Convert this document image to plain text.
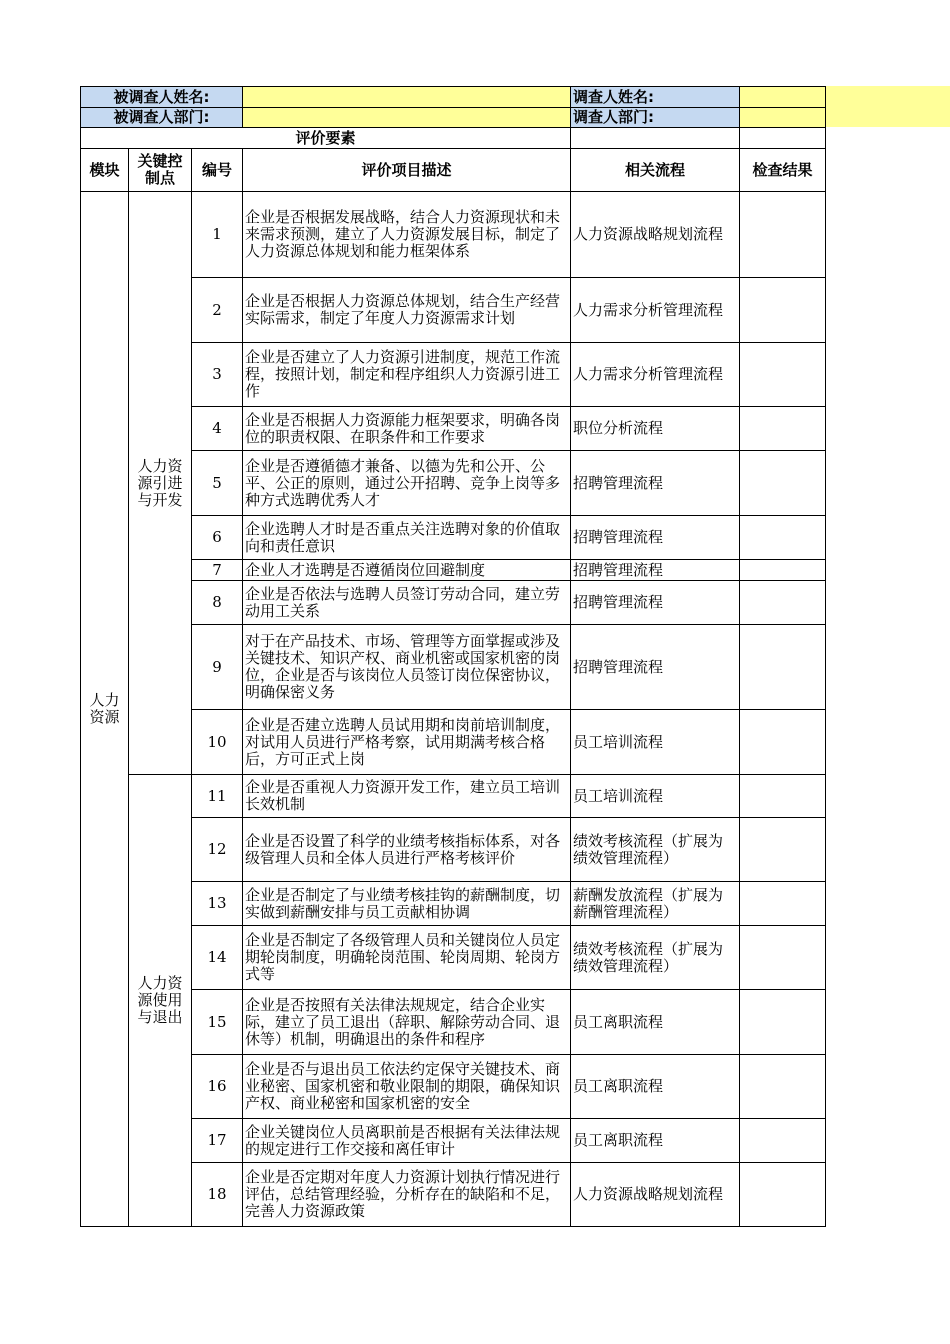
被调查人姓名:				调查人姓名:	
被调查人部门:				调查人部门:	
评价要素					
模块	关键控制点	编号	评价项目描述	相关流程	检查结果
人力资源	人力资源引进与开发	1	企业是否根据发展战略，结合人力资源现状和未来需求预测，建立了人力资源发展目标，制定了人力资源总体规划和能力框架体系	人力资源战略规划流程	
		2	企业是否根据人力资源总体规划，结合生产经营实际需求，制定了年度人力资源需求计划	人力需求分析管理流程	
		3	企业是否建立了人力资源引进制度，规范工作流程，按照计划，制定和程序组织人力资源引进工作	人力需求分析管理流程	
		4	企业是否根据人力资源能力框架要求，明确各岗位的职责权限、在职条件和工作要求	职位分析流程	
		5	企业是否遵循德才兼备、以德为先和公开、公平、公正的原则，通过公开招聘、竞争上岗等多种方式选聘优秀人才	招聘管理流程	
		6	企业选聘人才时是否重点关注选聘对象的价值取向和责任意识	招聘管理流程	
		7	企业人才选聘是否遵循岗位回避制度	招聘管理流程	
		8	企业是否依法与选聘人员签订劳动合同，建立劳动用工关系	招聘管理流程	
		9	对于在产品技术、市场、管理等方面掌握或涉及关键技术、知识产权、商业机密或国家机密的岗位，企业是否与该岗位人员签订岗位保密协议，明确保密义务	招聘管理流程	
		10	企业是否建立选聘人员试用期和岗前培训制度，对试用人员进行严格考察，试用期满考核合格后，方可正式上岗	员工培训流程	
	人力资源使用与退出	11	企业是否重视人力资源开发工作，建立员工培训长效机制	员工培训流程	
		12	企业是否设置了科学的业绩考核指标体系，对各级管理人员和全体人员进行严格考核评价	绩效考核流程（扩展为绩效管理流程）	
		13	企业是否制定了与业绩考核挂钩的薪酬制度，切实做到薪酬安排与员工贡献相协调	薪酬发放流程（扩展为薪酬管理流程）	
		14	企业是否制定了各级管理人员和关键岗位人员定期轮岗制度，明确轮岗范围、轮岗周期、轮岗方式等	绩效考核流程（扩展为绩效管理流程）	
		15	企业是否按照有关法律法规规定，结合企业实际，建立了员工退出（辞职、解除劳动合同、退休等）机制，明确退出的条件和程序	员工离职流程	
		16	企业是否与退出员工依法约定保守关键技术、商业秘密、国家机密和敬业限制的期限，确保知识产权、商业秘密和国家机密的安全	员工离职流程	
		17	企业关键岗位人员离职前是否根据有关法律法规的规定进行工作交接和离任审计	员工离职流程	
		18	企业是否定期对年度人力资源计划执行情况进行评估，总结管理经验，分析存在的缺陷和不足，完善人力资源政策	人力资源战略规划流程	
